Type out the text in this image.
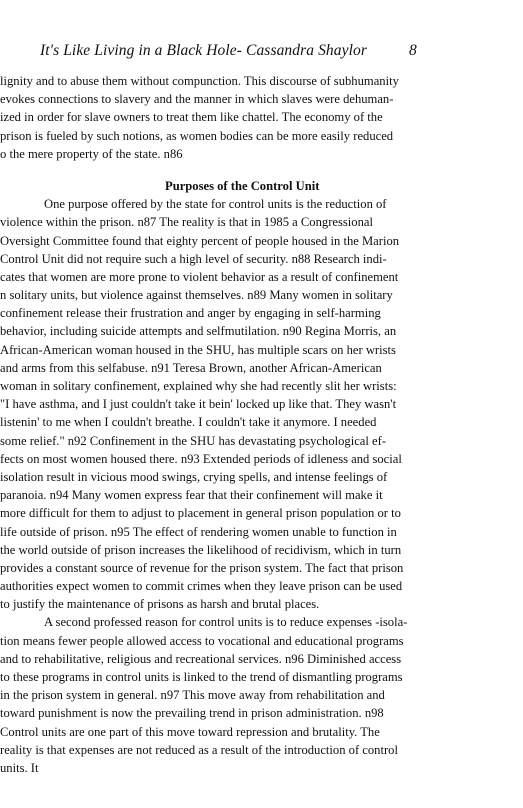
It's Like Living in a Black Hole- Cassandra Shaylor	8
lignity and to abuse them without compunction. This discourse of subhumanity
evokes connections to slavery and the manner in which slaves were dehuman-
ized in order for slave owners to treat them like chattel. The economy of the
prison is fueled by such notions, as women bodies can be more easily reduced
o the mere property of the state. n86
Purposes of the Control Unit
One purpose offered by the state for control units is the reduction of
violence within the prison. n87 The reality is that in 1985 a Congressional
Oversight Committee found that eighty percent of people housed in the Marion
Control Unit did not require such a high level of security. n88 Research indi-
cates that women are more prone to violent behavior as a result of confinement
n solitary units, but violence against themselves. n89 Many women in solitary
confinement release their frustration and anger by engaging in self-harming
behavior, including suicide attempts and selfmutilation. n90 Regina Morris, an
African-American woman housed in the SHU, has multiple scars on her wrists
and arms from this selfabuse. n91 Teresa Brown, another African-American
woman in solitary confinement, explained why she had recently slit her wrists:
"I have asthma, and I just couldn't take it bein' locked up like that. They wasn't
listenin' to me when I couldn't breathe. I couldn't take it anymore. I needed
some relief." n92 Confinement in the SHU has devastating psychological ef-
fects on most women housed there. n93 Extended periods of idleness and social
isolation result in vicious mood swings, crying spells, and intense feelings of
paranoia. n94 Many women express fear that their confinement will make it
more difficult for them to adjust to placement in general prison population or to
life outside of prison. n95 The effect of rendering women unable to function in
the world outside of prison increases the likelihood of recidivism, which in turn
provides a constant source of revenue for the prison system. The fact that prison
authorities expect women to commit crimes when they leave prison can be used
to justify the maintenance of prisons as harsh and brutal places.
A second professed reason for control units is to reduce expenses -isola-
tion means fewer people allowed access to vocational and educational programs
and to rehabilitative, religious and recreational services. n96 Diminished access
to these programs in control units is linked to the trend of dismantling programs
in the prison system in general. n97 This move away from rehabilitation and
toward punishment is now the prevailing trend in prison administration. n98
Control units are one part of this move toward repression and brutality. The
reality is that expenses are not reduced as a result of the introduction of control
units. It
